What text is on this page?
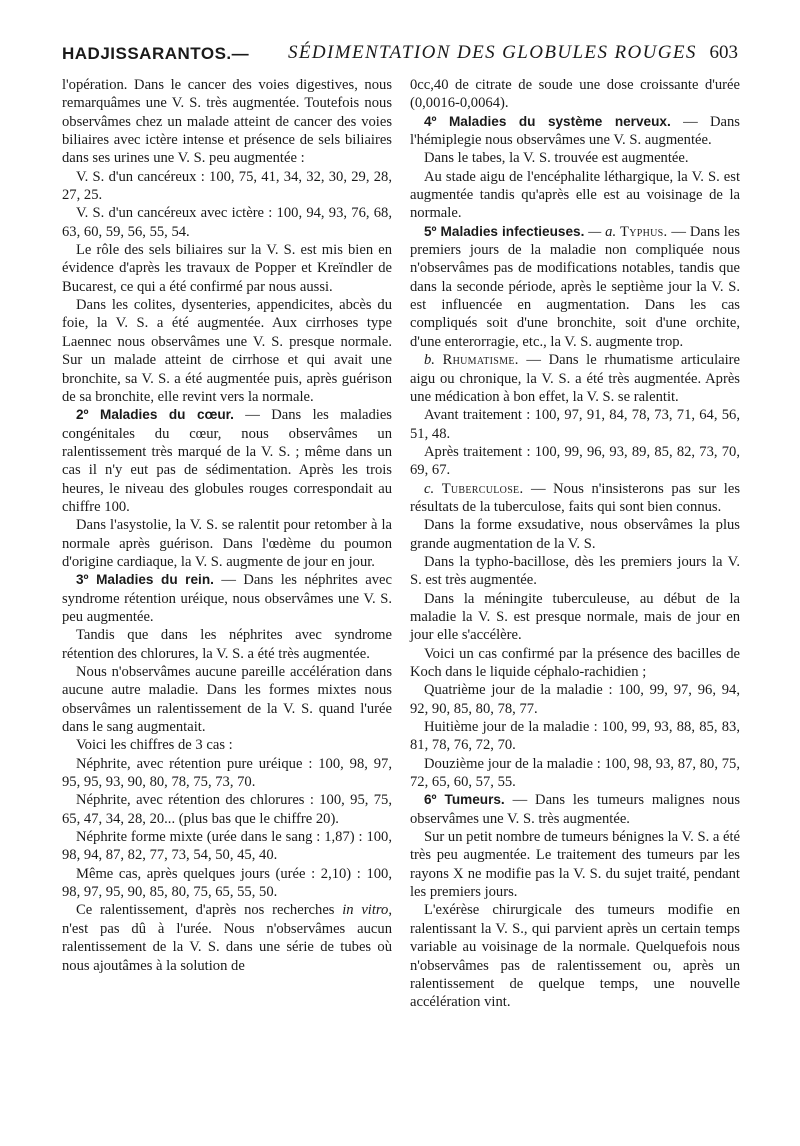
HADJISSARANTOS.— SÉDIMENTATION DES GLOBULES ROUGES 603

l'opération. Dans le cancer des voies digestives, nous remarquâmes une V. S. très augmentée. Toutefois nous observâmes chez un malade atteint de cancer des voies biliaires avec ictère intense et présence de sels biliaires dans ses urines une V. S. peu augmentée :

V. S. d'un cancéreux : 100, 75, 41, 34, 32, 30, 29, 28, 27, 25.

V. S. d'un cancéreux avec ictère : 100, 94, 93, 76, 68, 63, 60, 59, 56, 55, 54.

Le rôle des sels biliaires sur la V. S. est mis bien en évidence d'après les travaux de Popper et Kreïndler de Bucarest, ce qui a été confirmé par nous aussi.

Dans les colites, dysenteries, appendicites, abcès du foie, la V. S. a été augmentée. Aux cirrhoses type Laennec nous observâmes une V. S. presque normale. Sur un malade atteint de cirrhose et qui avait une bronchite, sa V. S. a été augmentée puis, après guérison de sa bronchite, elle revint vers la normale.

2º Maladies du cœur. — Dans les maladies congénitales du cœur, nous observâmes un ralentissement très marqué de la V. S. ; même dans un cas il n'y eut pas de sédimentation. Après les trois heures, le niveau des globules rouges correspondait au chiffre 100.

Dans l'asystolie, la V. S. se ralentit pour retomber à la normale après guérison. Dans l'œdème du poumon d'origine cardiaque, la V. S. augmente de jour en jour.

3º Maladies du rein. — Dans les néphrites avec syndrome rétention uréique, nous observâmes une V. S. peu augmentée.

Tandis que dans les néphrites avec syndrome rétention des chlorures, la V. S. a été très augmentée.

Nous n'observâmes aucune pareille accélération dans aucune autre maladie. Dans les formes mixtes nous observâmes un ralentissement de la V. S. quand l'urée dans le sang augmentait.

Voici les chiffres de 3 cas :

Néphrite, avec rétention pure uréique : 100, 98, 97, 95, 95, 93, 90, 80, 78, 75, 73, 70.

Néphrite, avec rétention des chlorures : 100, 95, 75, 65, 47, 34, 28, 20... (plus bas que le chiffre 20).

Néphrite forme mixte (urée dans le sang : 1,87) : 100, 98, 94, 87, 82, 77, 73, 54, 50, 45, 40.

Même cas, après quelques jours (urée : 2,10) : 100, 98, 97, 95, 90, 85, 80, 75, 65, 55, 50.

Ce ralentissement, d'après nos recherches in vitro, n'est pas dû à l'urée. Nous n'observâmes aucun ralentissement de la V. S. dans une série de tubes où nous ajoutâmes à la solution de

0cc,40 de citrate de soude une dose croissante d'urée (0,0016-0,0064).

4º Maladies du système nerveux. — Dans l'hémiplegie nous observâmes une V. S. augmentée.

Dans le tabes, la V. S. trouvée est augmentée.

Au stade aigu de l'encéphalite léthargique, la V. S. est augmentée tandis qu'après elle est au voisinage de la normale.

5º Maladies infectieuses. — a. Typhus. — Dans les premiers jours de la maladie non compliquée nous n'observâmes pas de modifications notables, tandis que dans la seconde période, après le septième jour la V. S. est influencée en augmentation. Dans les cas compliqués soit d'une bronchite, soit d'une orchite, d'une enterorragie, etc., la V. S. augmente trop.

b. Rhumatisme. — Dans le rhumatisme articulaire aigu ou chronique, la V. S. a été très augmentée. Après une médication à bon effet, la V. S. se ralentit.

Avant traitement : 100, 97, 91, 84, 78, 73, 71, 64, 56, 51, 48.

Après traitement : 100, 99, 96, 93, 89, 85, 82, 73, 70, 69, 67.

c. Tuberculose. — Nous n'insisterons pas sur les résultats de la tuberculose, faits qui sont bien connus.

Dans la forme exsudative, nous observâmes la plus grande augmentation de la V. S.

Dans la typho-bacillose, dès les premiers jours la V. S. est très augmentée.

Dans la méningite tuberculeuse, au début de la maladie la V. S. est presque normale, mais de jour en jour elle s'accélère.

Voici un cas confirmé par la présence des bacilles de Koch dans le liquide céphalo-rachidien ;

Quatrième jour de la maladie : 100, 99, 97, 96, 94, 92, 90, 85, 80, 78, 77.

Huitième jour de la maladie : 100, 99, 93, 88, 85, 83, 81, 78, 76, 72, 70.

Douzième jour de la maladie : 100, 98, 93, 87, 80, 75, 72, 65, 60, 57, 55.

6º Tumeurs. — Dans les tumeurs malignes nous observâmes une V. S. très augmentée.

Sur un petit nombre de tumeurs bénignes la V. S. a été très peu augmentée. Le traitement des tumeurs par les rayons X ne modifie pas la V. S. du sujet traité, pendant les premiers jours.

L'exérèse chirurgicale des tumeurs modifie en ralentissant la V. S., qui parvient après un certain temps variable au voisinage de la normale. Quelquefois nous n'observâmes pas de ralentissement ou, après un ralentissement de quelque temps, une nouvelle accélération vint.
